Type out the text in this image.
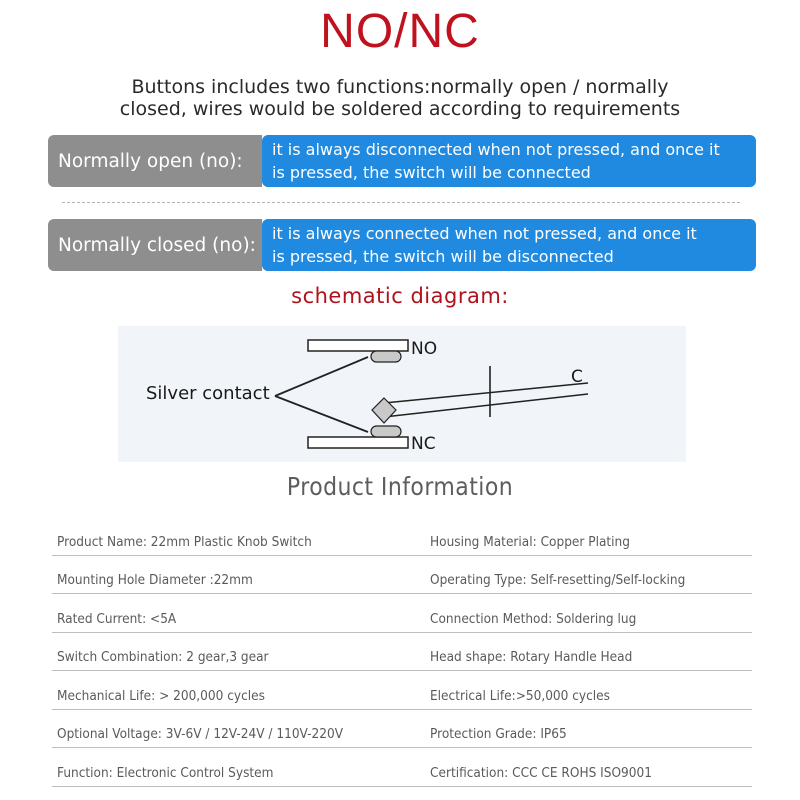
NO/NC
Buttons includes two functions:normally open / normally
closed, wires would be soldered according to requirements
Normally open (no):
it is always disconnected when not pressed, and once it
is pressed, the switch will be connected
Normally closed (no):
it is always connected when not pressed, and once it
is pressed, the switch will be disconnected
schematic diagram:
NO
NC
C
Silver contact
Product Information
Product Name: 22mm Plastic Knob Switch	Housing Material: Copper Plating
Mounting Hole Diameter :22mm	Operating Type: Self-resetting/Self-locking
Rated Current: <5A	Connection Method: Soldering lug
Switch Combination: 2 gear,3 gear	Head shape: Rotary Handle Head
Mechanical Life: > 200,000 cycles	Electrical Life:>50,000 cycles
Optional Voltage: 3V-6V / 12V-24V / 110V-220V	Protection Grade: IP65
Function: Electronic Control System	Certification: CCC CE ROHS ISO9001
